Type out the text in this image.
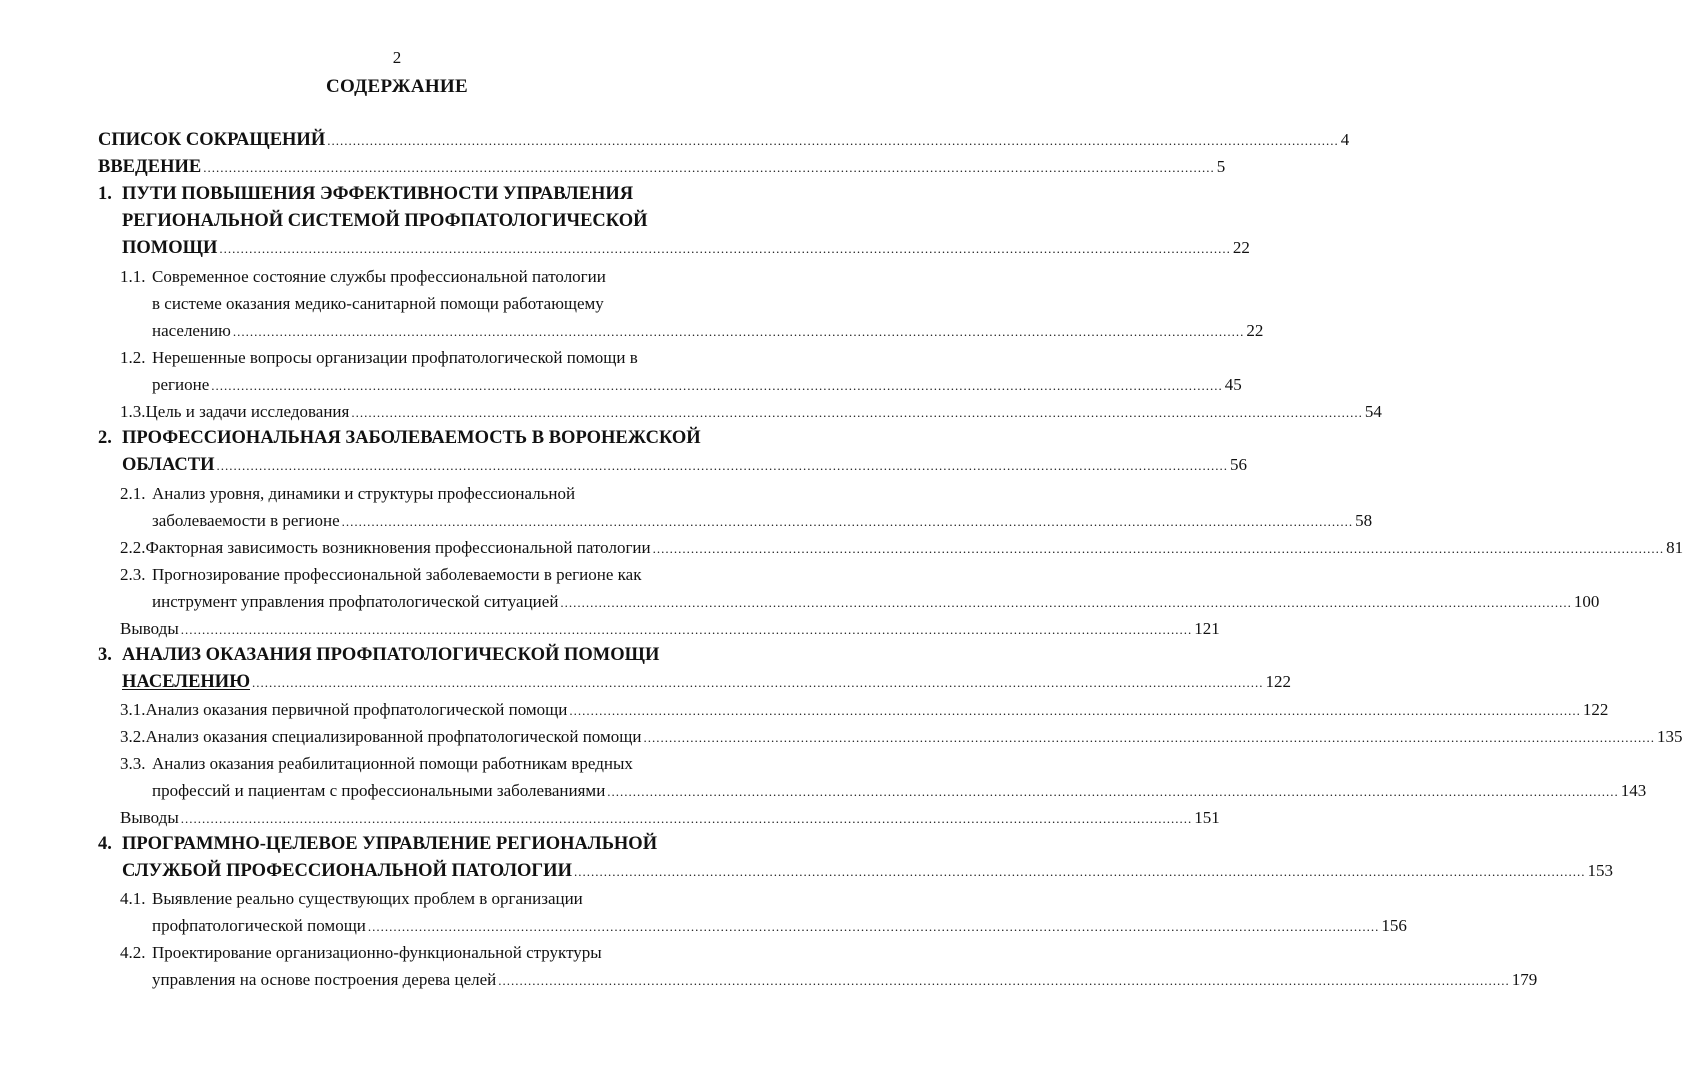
2
СОДЕРЖАНИЕ
СПИСОК СОКРАЩЕНИЙ .............................................................................................................................................................................................................................................. 4
ВВЕДЕНИЕ .............................................................................................................................................................................................................................................. 5
1. ПУТИ ПОВЫШЕНИЯ ЭФФЕКТИВНОСТИ УПРАВЛЕНИЯ
РЕГИОНАЛЬНОЙ СИСТЕМОЙ ПРОФПАТОЛОГИЧЕСКОЙ
ПОМОЩИ .............................................................................................................................................................................................................................................. 22
1.1. Современное состояние службы профессиональной патологии
в системе оказания медико-санитарной помощи работающему
населению .............................................................................................................................................................................................................................................. 22
1.2. Нерешенные вопросы организации профпатологической помощи в
регионе .............................................................................................................................................................................................................................................. 45
1.3. Цель и задачи исследования .............................................................................................................................................................................................................................................. 54
2. ПРОФЕССИОНАЛЬНАЯ ЗАБОЛЕВАЕМОСТЬ В ВОРОНЕЖСКОЙ
ОБЛАСТИ .............................................................................................................................................................................................................................................. 56
2.1. Анализ уровня, динамики и структуры профессиональной
заболеваемости в регионе .............................................................................................................................................................................................................................................. 58
2.2. Факторная зависимость возникновения профессиональной патологии .............................................................................................................................................................................................................................................. 81
2.3. Прогнозирование профессиональной заболеваемости в регионе как
инструмент управления профпатологической ситуацией .............................................................................................................................................................................................................................................. 100
Выводы .............................................................................................................................................................................................................................................. 121
3. АНАЛИЗ ОКАЗАНИЯ ПРОФПАТОЛОГИЧЕСКОЙ ПОМОЩИ
НАСЕЛЕНИЮ .............................................................................................................................................................................................................................................. 122
3.1. Анализ оказания первичной профпатологической помощи .............................................................................................................................................................................................................................................. 122
3.2. Анализ оказания специализированной профпатологической помощи .............................................................................................................................................................................................................................................. 135
3.3. Анализ оказания реабилитационной помощи работникам вредных
профессий и пациентам с профессиональными заболеваниями .............................................................................................................................................................................................................................................. 143
Выводы .............................................................................................................................................................................................................................................. 151
4. ПРОГРАММНО-ЦЕЛЕВОЕ УПРАВЛЕНИЕ РЕГИОНАЛЬНОЙ
СЛУЖБОЙ ПРОФЕССИОНАЛЬНОЙ ПАТОЛОГИИ .............................................................................................................................................................................................................................................. 153
4.1. Выявление реально существующих проблем в организации
профпатологической помощи .............................................................................................................................................................................................................................................. 156
4.2. Проектирование организационно-функциональной структуры
управления на основе построения дерева целей .............................................................................................................................................................................................................................................. 179
